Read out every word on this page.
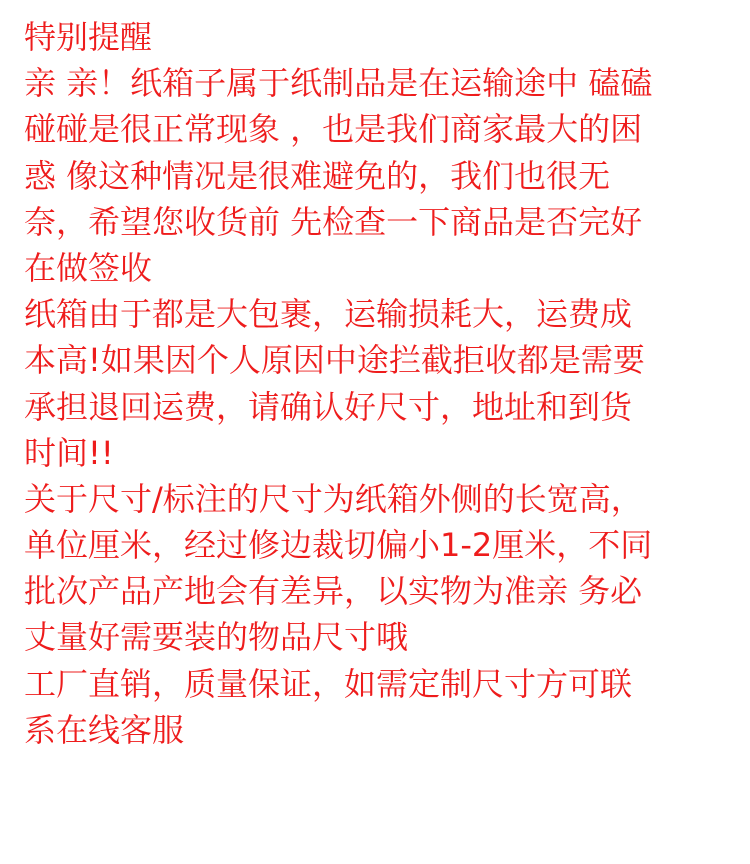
特别提醒
亲 亲！纸箱子属于纸制品是在运输途中 磕磕
碰碰是很正常现象 ，也是我们商家最大的困
惑 像这种情况是很难避免的，我们也很无
奈，希望您收货前 先检查一下商品是否完好
在做签收
纸箱由于都是大包裹，运输损耗大，运费成
本高!如果因个人原因中途拦截拒收都是需要
承担退回运费，请确认好尺寸，地址和到货
时间!!
关于尺寸/标注的尺寸为纸箱外侧的长宽高，
单位厘米，经过修边裁切偏小1-2厘米，不同
批次产品产地会有差异，以实物为准亲 务必
丈量好需要装的物品尺寸哦
工厂直销，质量保证，如需定制尺寸方可联
系在线客服
